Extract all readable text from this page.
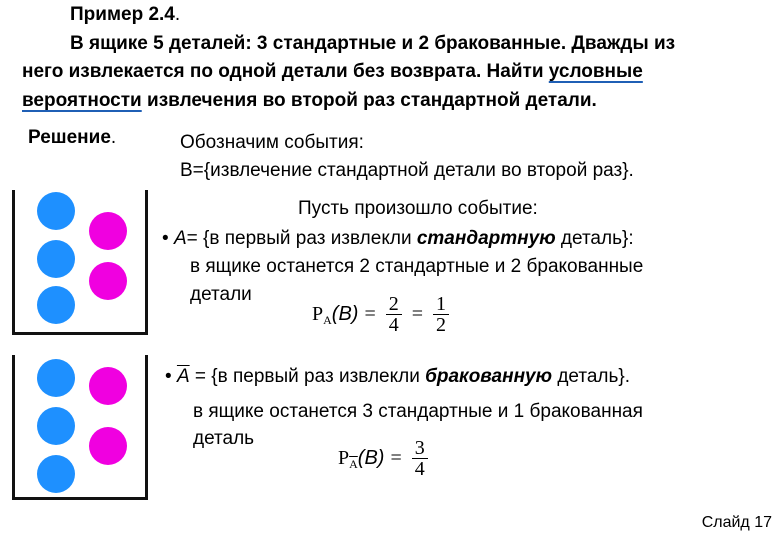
Пример 2.4.
В ящике 5 деталей: 3 стандартные и 2 бракованные. Дважды из
него извлекается по одной детали без возврата. Найти условные
вероятности извлечения во второй раз стандартной детали.
Решение.	Обозначим события:
B={извлечение стандартной детали во второй раз}.
Пусть произошло событие:
• A= {в первый раз извлекли стандартную деталь}:
в ящике останется 2 стандартные и 2 бракованные
детали
P A $(B) = \frac{2}{4} = \frac{1}{2}$
• $\overline{A} = \{в$ первый раз извлекли бракованную деталь}.
в ящике останется 3 стандартные и 1 бракованная
деталь
P $\overline{A}$ $(B) = \frac{3}{4}$
Слайд 17
